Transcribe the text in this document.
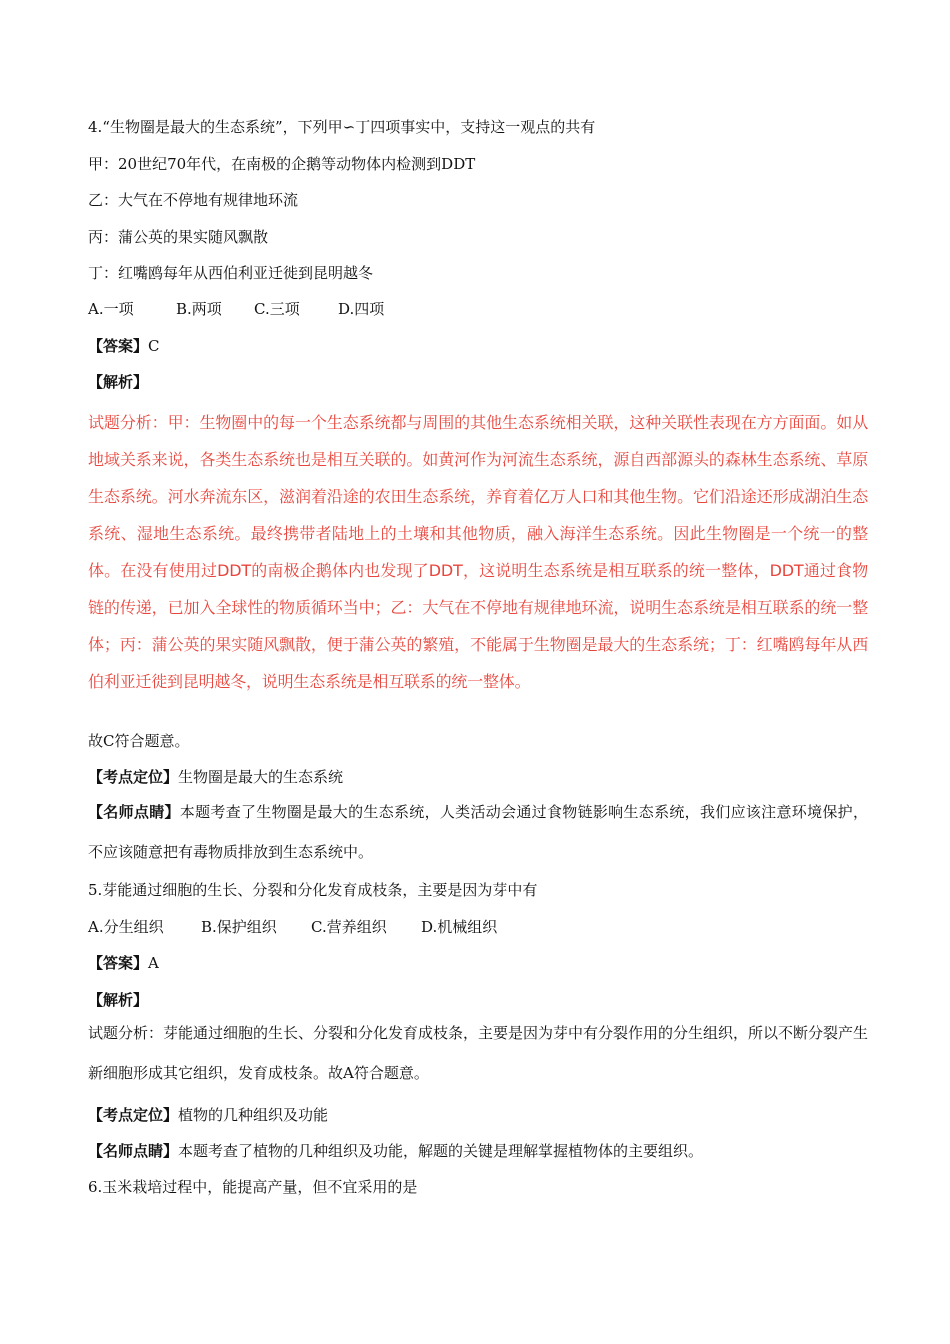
4.“生物圈是最大的生态系统”，下列甲∽丁四项事实中，支持这一观点的共有
甲：20世纪70年代，在南极的企鹅等动物体内检测到DDT
乙：大气在不停地有规律地环流
丙：蒲公英的果实随风飘散
丁：红嘴鸥每年从西伯利亚迁徙到昆明越冬
A.一项	B.两项 C.三项	D.四项
【答案】C
【解析】
试题分析：甲：生物圈中的每一个生态系统都与周围的其他生态系统相关联，这种关联性表现在方方面面。如从地域关系来说，各类生态系统也是相互关联的。如黄河作为河流生态系统，源自西部源头的森林生态系统、草原生态系统。河水奔流东区，滋润着沿途的农田生态系统，养育着亿万人口和其他生物。它们沿途还形成湖泊生态系统、湿地生态系统。最终携带者陆地上的土壤和其他物质，融入海洋生态系统。因此生物圈是一个统一的整体。在没有使用过DDT的南极企鹅体内也发现了DDT，这说明生态系统是相互联系的统一整体，DDT通过食物链的传递，已加入全球性的物质循环当中；乙：大气在不停地有规律地环流，说明生态系统是相互联系的统一整体；丙：蒲公英的果实随风飘散，便于蒲公英的繁殖，不能属于生物圈是最大的生态系统；丁：红嘴鸥每年从西伯利亚迁徙到昆明越冬，说明生态系统是相互联系的统一整体。
故C符合题意。
【考点定位】生物圈是最大的生态系统
【名师点睛】本题考查了生物圈是最大的生态系统，人类活动会通过食物链影响生态系统，我们应该注意环境保护，不应该随意把有毒物质排放到生态系统中。
5.芽能通过细胞的生长、分裂和分化发育成枝条，主要是因为芽中有
A.分生组织 B.保护组织 C.营养组织 D.机械组织
【答案】A
【解析】
试题分析：芽能通过细胞的生长、分裂和分化发育成枝条，主要是因为芽中有分裂作用的分生组织，所以不断分裂产生新细胞形成其它组织，发育成枝条。故A符合题意。
【考点定位】植物的几种组织及功能
【名师点睛】本题考查了植物的几种组织及功能，解题的关键是理解掌握植物体的主要组织。
6.玉米栽培过程中，能提高产量，但不宜采用的是
